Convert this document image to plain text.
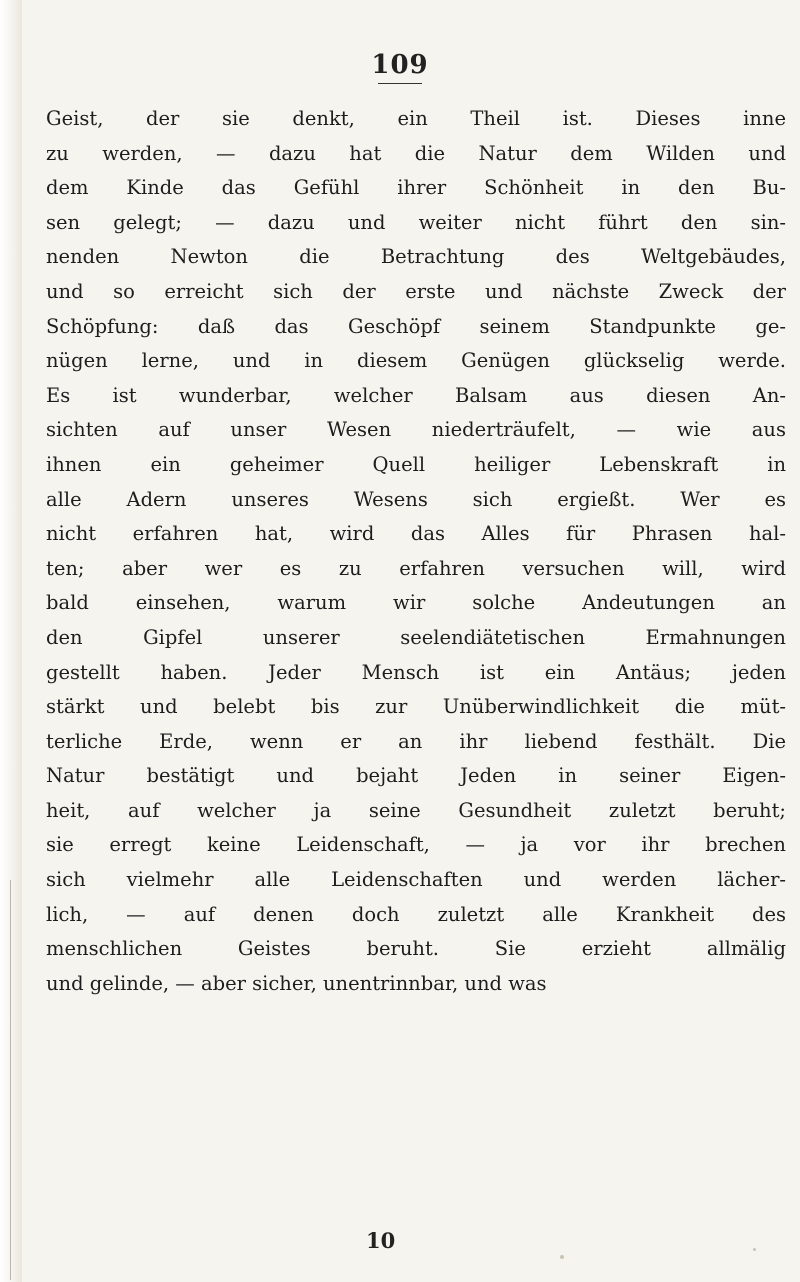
109
Geist, der sie denkt, ein Theil ist. Dieses inne
zu werden, — dazu hat die Natur dem Wilden und
dem Kinde das Gefühl ihrer Schönheit in den Bu-
sen gelegt; — dazu und weiter nicht führt den sin-
nenden Newton die Betrachtung des Weltgebäudes,
und so erreicht sich der erste und nächste Zweck der
Schöpfung: daß das Geschöpf seinem Standpunkte ge-
nügen lerne, und in diesem Genügen glückselig werde.
Es ist wunderbar, welcher Balsam aus diesen An-
sichten auf unser Wesen niederträufelt, — wie aus
ihnen ein geheimer Quell heiliger Lebenskraft in
alle Adern unseres Wesens sich ergießt. Wer es
nicht erfahren hat, wird das Alles für Phrasen hal-
ten; aber wer es zu erfahren versuchen will, wird
bald einsehen, warum wir solche Andeutungen an
den Gipfel unserer seelendiätetischen Ermahnungen
gestellt haben. Jeder Mensch ist ein Antäus; jeden
stärkt und belebt bis zur Unüberwindlichkeit die müt-
terliche Erde, wenn er an ihr liebend festhält. Die
Natur bestätigt und bejaht Jeden in seiner Eigen-
heit, auf welcher ja seine Gesundheit zuletzt beruht;
sie erregt keine Leidenschaft, — ja vor ihr brechen
sich vielmehr alle Leidenschaften und werden lächer-
lich, — auf denen doch zuletzt alle Krankheit des
menschlichen Geistes beruht. Sie erzieht allmälig
und gelinde, — aber sicher, unentrinnbar, und was
10
